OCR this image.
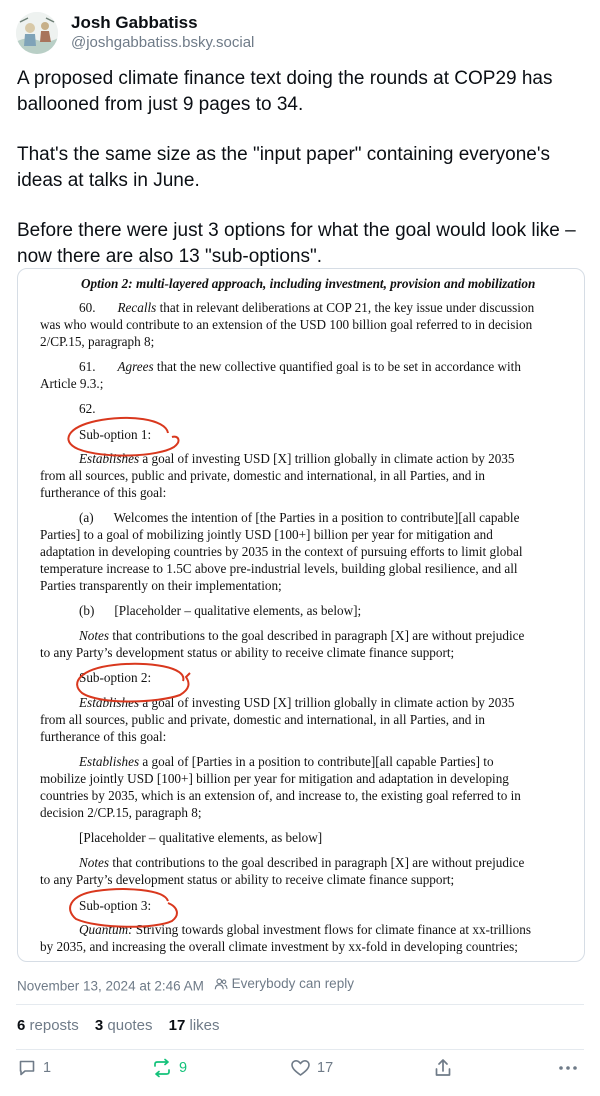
Josh Gabbatiss
@joshgabbatiss.bsky.social

A proposed climate finance text doing the rounds at COP29 has ballooned from just 9 pages to 34.

That's the same size as the "input paper" containing everyone's ideas at talks in June.

Before there were just 3 options for what the goal would look like – now there are also 13 "sub-options".

Option 2: multi-layered approach, including investment, provision and mobilization
60. Recalls that in relevant deliberations at COP 21, the key issue under discussion
was who would contribute to an extension of the USD 100 billion goal referred to in decision
2/CP.15, paragraph 8;
61. Agrees that the new collective quantified goal is to be set in accordance with
Article 9.3.;
62.
Sub-option 1:
Establishes a goal of investing USD [X] trillion globally in climate action by 2035
from all sources, public and private, domestic and international, in all Parties, and in
furtherance of this goal:
(a) Welcomes the intention of [the Parties in a position to contribute][all capable
Parties] to a goal of mobilizing jointly USD [100+] billion per year for mitigation and
adaptation in developing countries by 2035 in the context of pursuing efforts to limit global
temperature increase to 1.5C above pre-industrial levels, building global resilience, and all
Parties transparently on their implementation;
(b) [Placeholder – qualitative elements, as below];
Notes that contributions to the goal described in paragraph [X] are without prejudice
to any Party’s development status or ability to receive climate finance support;
Sub-option 2:
Establishes a goal of investing USD [X] trillion globally in climate action by 2035
from all sources, public and private, domestic and international, in all Parties, and in
furtherance of this goal:
Establishes a goal of [Parties in a position to contribute][all capable Parties] to
mobilize jointly USD [100+] billion per year for mitigation and adaptation in developing
countries by 2035, which is an extension of, and increase to, the existing goal referred to in
decision 2/CP.15, paragraph 8;
[Placeholder – qualitative elements, as below]
Notes that contributions to the goal described in paragraph [X] are without prejudice
to any Party’s development status or ability to receive climate finance support;
Sub-option 3:
Quantum: Striving towards global investment flows for climate finance at xx-trillions
by 2035, and increasing the overall climate investment by xx-fold in developing countries;
November 13, 2024 at 2:46 AM Everybody can reply
6 reposts 3 quotes 17 likes
1	9	17
